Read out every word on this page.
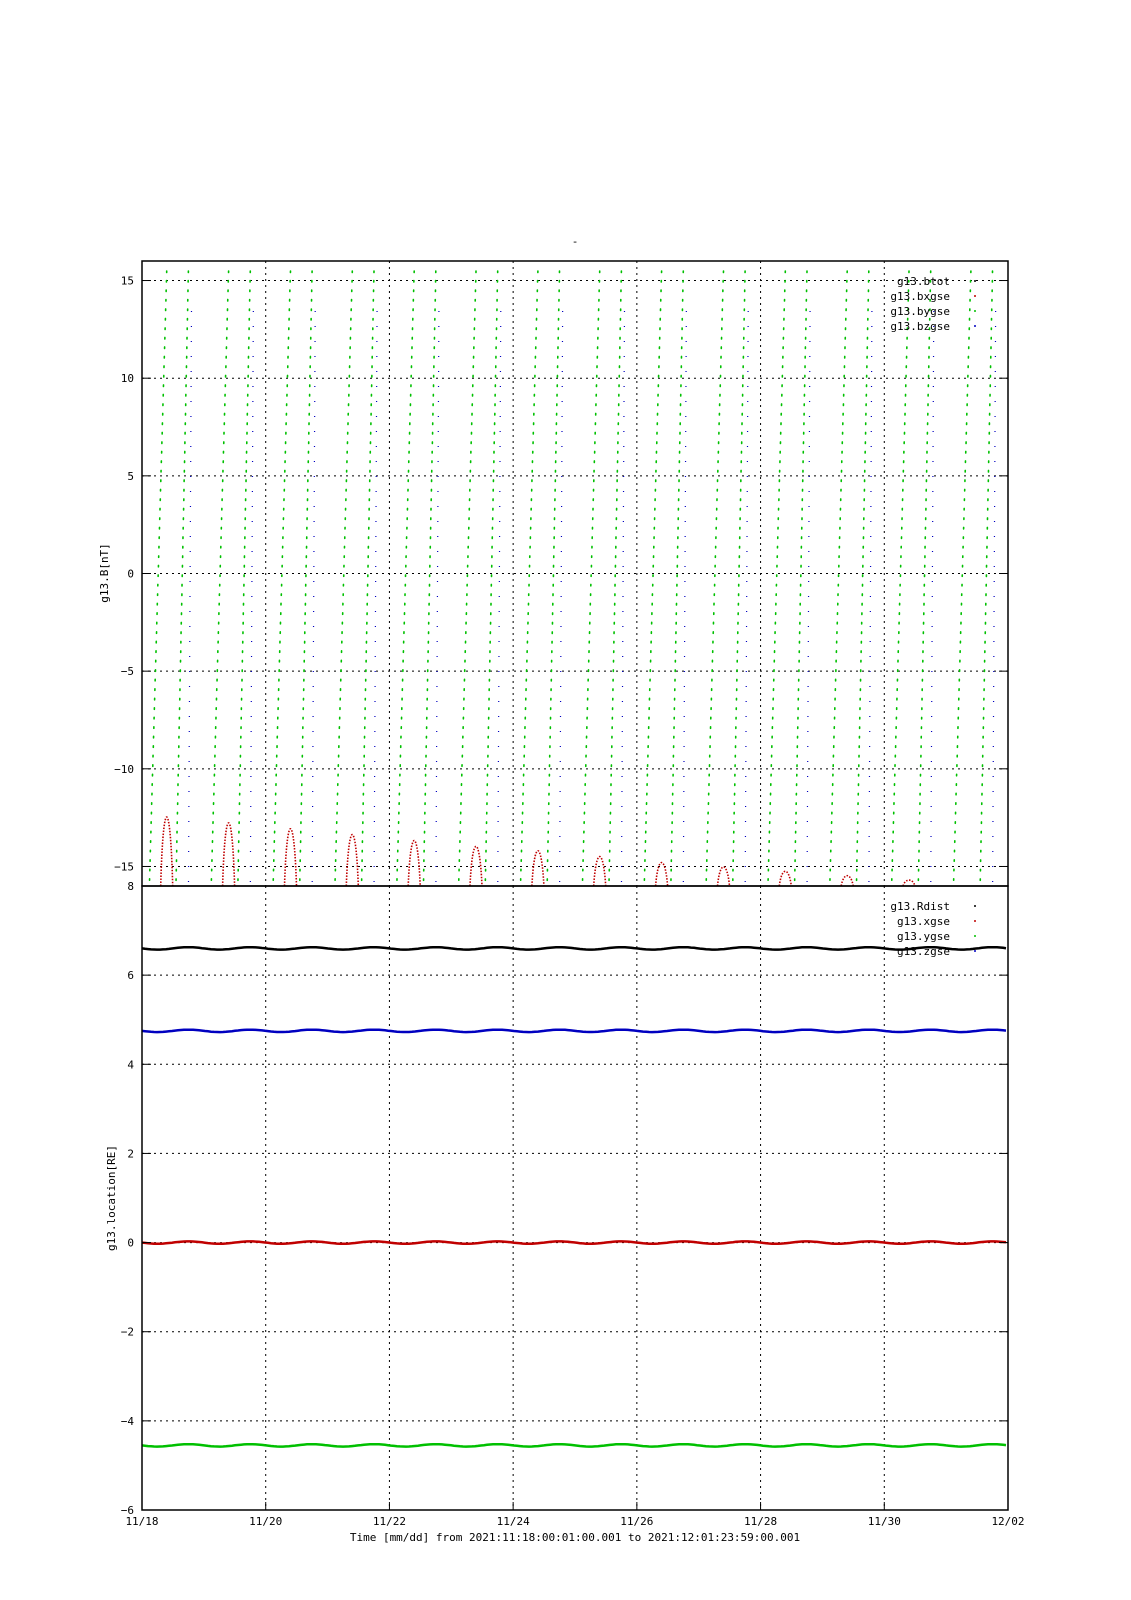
-
15
10
5
0
−5
−10
−15
g13.B[nT]
g13.btot
g13.bxgse
g13.bygse
g13.bzgse
8
6
4
2
0
−2
−4
−6
g13.location[RE]
g13.Rdist
g13.xgse
g13.ygse
g13.zgse
11/18	11/20	11/22	11/24	11/26	11/28	11/30	12/02
Time [mm/dd] from 2021:11:18:00:01:00.001 to 2021:12:01:23:59:00.001
